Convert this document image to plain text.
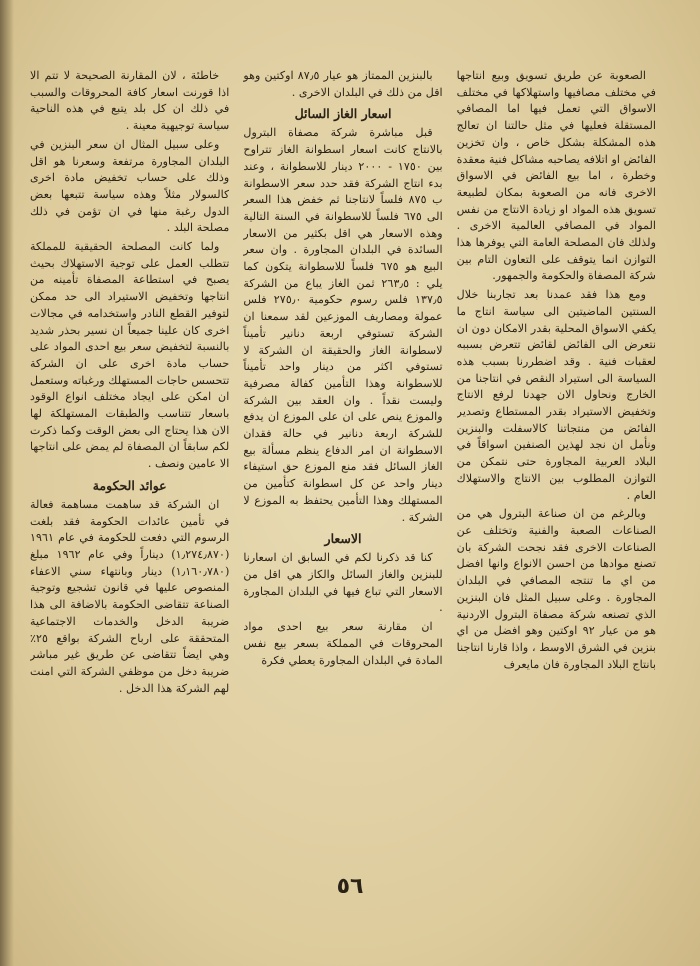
الصعوبة عن طريق تسويق وبيع انتاجها في مختلف مصافيها واستهلاكها في مختلف الاسواق التي تعمل فيها اما المصافي المستقلة فعليها في مثل حالتنا ان تعالج هذه المشكلة بشكل خاص ، وان تخزين الفائض او اتلافه يصاحبه مشاكل فنية معقدة وخطرة ، اما بيع الفائض في الاسواق الاخرى فانه من الصعوبة بمكان لطبيعة تسويق هذه المواد او زيادة الانتاج من نفس المواد في المصافي العالمية الاخرى . ولذلك فان المصلحة العامة التي يوفرها هذا التوازن انما يتوقف على التعاون التام بين شركة المصفاة والحكومة والجمهور.

ومع هذا فقد عمدنا بعد تجاربنا خلال السنتين الماضيتين الى سياسة انتاج ما يكفي الاسواق المحلية بقدر الامكان دون ان نتعرض الى الفائض لقائض تتعرض بسببه لعقبات فنية . وقد اضطررنا بسبب هذه السياسة الى استيراد النقص في انتاجنا من الخارج ونحاول الان جهدنا لرفع الانتاج وتخفيض الاستيراد بقدر المستطاع وتصدير الفائض من منتجاتنا كالاسفلت والبنزين ونأمل ان نجد لهذين الصنفين اسواقاً في البلاد العربية المجاورة حتى نتمكن من التوازن المطلوب بين الانتاج والاستهلاك العام .

وبالرغم من ان صناعة البترول هي من الصناعات الصعبة والفنية وتختلف عن الصناعات الاخرى فقد نجحت الشركة بان تصنع موادها من احسن الانواع وانها افضل من اي ما تنتجه المصافي في البلدان المجاورة . وعلى سبيل المثل فان البنزين الذي تصنعه شركة مصفاة البترول الاردنية هو من عيار ٩٢ اوكتين وهو افضل من اي بنزين في الشرق الاوسط ، واذا قارنا انتاجنا بانتاج البلاد المجاورة فان مايعرف

بالبنزين الممتاز هو عيار ٨٧٫٥ اوكتين وهو اقل من ذلك في البلدان الاخرى .

اسعار الغاز السائل

قبل مباشرة شركة مصفاة البترول بالانتاج كانت اسعار اسطوانة الغاز تتراوح بين ١٧٥٠ - ٢٠٠٠ دينار للاسطوانة ، وعند بدء انتاج الشركة فقد حدد سعر الاسطوانة ب ٨٧٥ فلساً لانتاجنا ثم خفض هذا السعر الى ٦٧٥ فلساً للاسطوانة في السنة التالية وهذه الاسعار هي اقل بكثير من الاسعار السائدة في البلدان المجاورة . وان سعر البيع هو ٦٧٥ فلساً للاسطوانة يتكون كما يلي : ٢٦٣٫٥ ثمن الغاز يباع من الشركة ١٣٧٫٥ فلس رسوم حكومية ٢٧٥٫٠ فلس عمولة ومصاريف الموزعين لقد سمعنا ان الشركة تستوفي اربعة دنانير تأميناً لاسطوانة الغاز والحقيقة ان الشركة لا تستوفي اكثر من دينار واحد تأميناً للاسطوانة وهذا التأمين كفالة مصرفية وليست نقداً . وان العقد بين الشركة والموزع ينص على ان على الموزع ان يدفع للشركة اربعة دنانير في حالة فقدان الاسطوانة ان امر الدفاع ينظم مسألة بيع الغاز السائل فقد منع الموزع حق استيفاء دينار واحد عن كل اسطوانة كتأمين من المستهلك وهذا التأمين يحتفظ به الموزع لا الشركة .

الاسعار

كنا قد ذكرنا لكم في السابق ان اسعارنا للبنزين والغاز السائل والكاز هي اقل من الاسعار التي تباع فيها في البلدان المجاورة .

ان مقارنة سعر بيع احدى مواد المحروقات في المملكة بسعر بيع نفس المادة في البلدان المجاورة يعطي فكرة

خاطئة ، لان المقارنة الصحيحة لا تتم الا اذا قورنت اسعار كافة المحروقات والسبب في ذلك ان كل بلد يتبع في هذه الناحية سياسة توجيهية معينة .

وعلى سبيل المثال ان سعر البنزين في البلدان المجاورة مرتفعة وسعرنا هو اقل وذلك على حساب تخفيض مادة اخرى كالسولار مثلاً وهذه سياسة تتبعها بعض الدول رغبة منها في ان تؤمن في ذلك مصلحة البلد .

ولما كانت المصلحة الحقيقية للمملكة تتطلب العمل على توجية الاستهلاك بحيث يصبح في استطاعة المصفاة تأمينه من انتاجها وتخفيض الاستيراد الى حد ممكن لتوفير القطع النادر واستخدامه في مجالات اخرى كان علينا جميعاً ان نسير بحذر شديد بالنسبة لتخفيض سعر بيع احدى المواد على حساب مادة اخرى على ان الشركة تتحسس حاجات المستهلك ورغباته وستعمل ان امكن على ايجاد مختلف انواع الوقود باسعار تتناسب والطبقات المستهلكة لها الان هذا يحتاج الى بعض الوقت وكما ذكرت لكم سابقاً ان المصفاة لم يمض على انتاجها الا عامين ونصف .

عوائد الحكومة

ان الشركة قد ساهمت مساهمة فعالة في تأمين عائدات الحكومة فقد بلغت الرسوم التي دفعت للحكومة في عام ١٩٦١ (١٫٢٧٤٫٨٧٠) ديناراً وفي عام ١٩٦٢ مبلغ (١٫١٦٠٫٧٨٠) دينار وبانتهاء سني الاعفاء المنصوص عليها في قانون تشجيع وتوجية الصناعة تتقاضى الحكومة بالاضافة الى هذا ضريبة الدخل والخدمات الاجتماعية المتحققة على ارباح الشركة بواقع ٢٥٪ وهي ايضاً تتقاضى عن طريق غير مباشر ضريبة دخل من موظفي الشركة التي امنت لهم الشركة هذا الدخل .

٥٦
